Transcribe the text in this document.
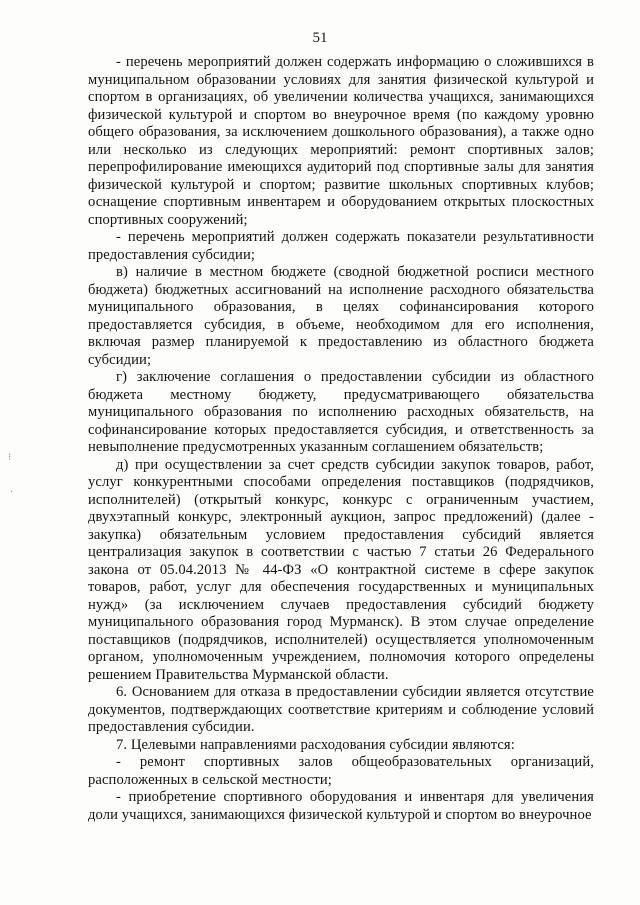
51

- перечень мероприятий должен содержать информацию о сложившихся в муниципальном образовании условиях для занятия физической культурой и спортом в организациях, об увеличении количества учащихся, занимающихся физической культурой и спортом во внеурочное время (по каждому уровню общего образования, за исключением дошкольного образования), а также одно или несколько из следующих мероприятий: ремонт спортивных залов; перепрофилирование имеющихся аудиторий под спортивные залы для занятия физической культурой и спортом; развитие школьных спортивных клубов; оснащение спортивным инвентарем и оборудованием открытых плоскостных спортивных сооружений;

- перечень мероприятий должен содержать показатели результативности предоставления субсидии;

в) наличие в местном бюджете (сводной бюджетной росписи местного бюджета) бюджетных ассигнований на исполнение расходного обязательства муниципального образования, в целях софинансирования которого предоставляется субсидия, в объеме, необходимом для его исполнения, включая размер планируемой к предоставлению из областного бюджета субсидии;

г) заключение соглашения о предоставлении субсидии из областного бюджета местному бюджету, предусматривающего обязательства муниципального образования по исполнению расходных обязательств, на софинансирование которых предоставляется субсидия, и ответственность за невыполнение предусмотренных указанным соглашением обязательств;

д) при осуществлении за счет средств субсидии закупок товаров, работ, услуг конкурентными способами определения поставщиков (подрядчиков, исполнителей) (открытый конкурс, конкурс с ограниченным участием, двухэтапный конкурс, электронный аукцион, запрос предложений) (далее - закупка) обязательным условием предоставления субсидий является централизация закупок в соответствии с частью 7 статьи 26 Федерального закона от 05.04.2013 № 44-ФЗ «О контрактной системе в сфере закупок товаров, работ, услуг для обеспечения государственных и муниципальных нужд» (за исключением случаев предоставления субсидий бюджету муниципального образования город Мурманск). В этом случае определение поставщиков (подрядчиков, исполнителей) осуществляется уполномоченным органом, уполномоченным учреждением, полномочия которого определены решением Правительства Мурманской области.

6. Основанием для отказа в предоставлении субсидии является отсутствие документов, подтверждающих соответствие критериям и соблюдение условий предоставления субсидии.

7. Целевыми направлениями расходования субсидии являются:

- ремонт спортивных залов общеобразовательных организаций, расположенных в сельской местности;

- приобретение спортивного оборудования и инвентаря для увеличения доли учащихся, занимающихся физической культурой и спортом во внеурочное

⁝
·
